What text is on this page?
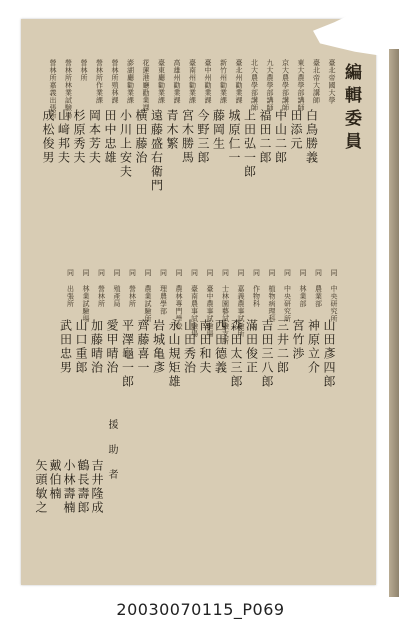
編輯委員
臺北帝國大學
臺北帝大講師
白鳥勝義
東大農學部講師
田添元
京大農學部講師
中山二郎
九大農學部講師
福田二郎
北大農學部講師
上田弘一郎
臺北州勸業課
城原仁一
新竹州勸業課
藤岡生
臺中州勸業課
今野三郎
臺南州勸業課
宮木勝馬
高雄州勸業課
青木繁
臺東廳勸業課
遠藤盛右衛門
花蓮港廳勸業課
横田藤治
澎湖廳勸業課
小川上安夫
營林所殖林課
田中忠雄
營林所作業課
岡本芳夫
營林所
杉原秀夫
營林所林業試驗場
山﨑邦夫
營林所嘉義出張所
成松俊男
同 中央研究所
山田彥四郎
同 農業部
神原立介
同 林業部
宮竹渉
同 中央研究所
三井二郎
同 植物病理科
吉田三八郎
同 作物科
滿田俊正
同 嘉義農事試驗所
森田太三郎
同 士林園藝試驗支所
西田德義
同 臺中農事試驗場
南田和夫
同 臺南農事試驗場
山田秀治
同 農林專門學校
永山規矩雄
同 理農學部
岩城亀彥
同 農業試驗所
齊藤喜一
同 營林所
平澤龜一郎
同 殖產局
愛甲晴治
同 營林所
加藤晴治
同 林業試驗場
山口重郎
同 出張所
武田忠男
援 助 者
吉井隆成
鶴長壽郎
小林壽楠
戴伯楠
矢頭敏之
20030070115_P069
